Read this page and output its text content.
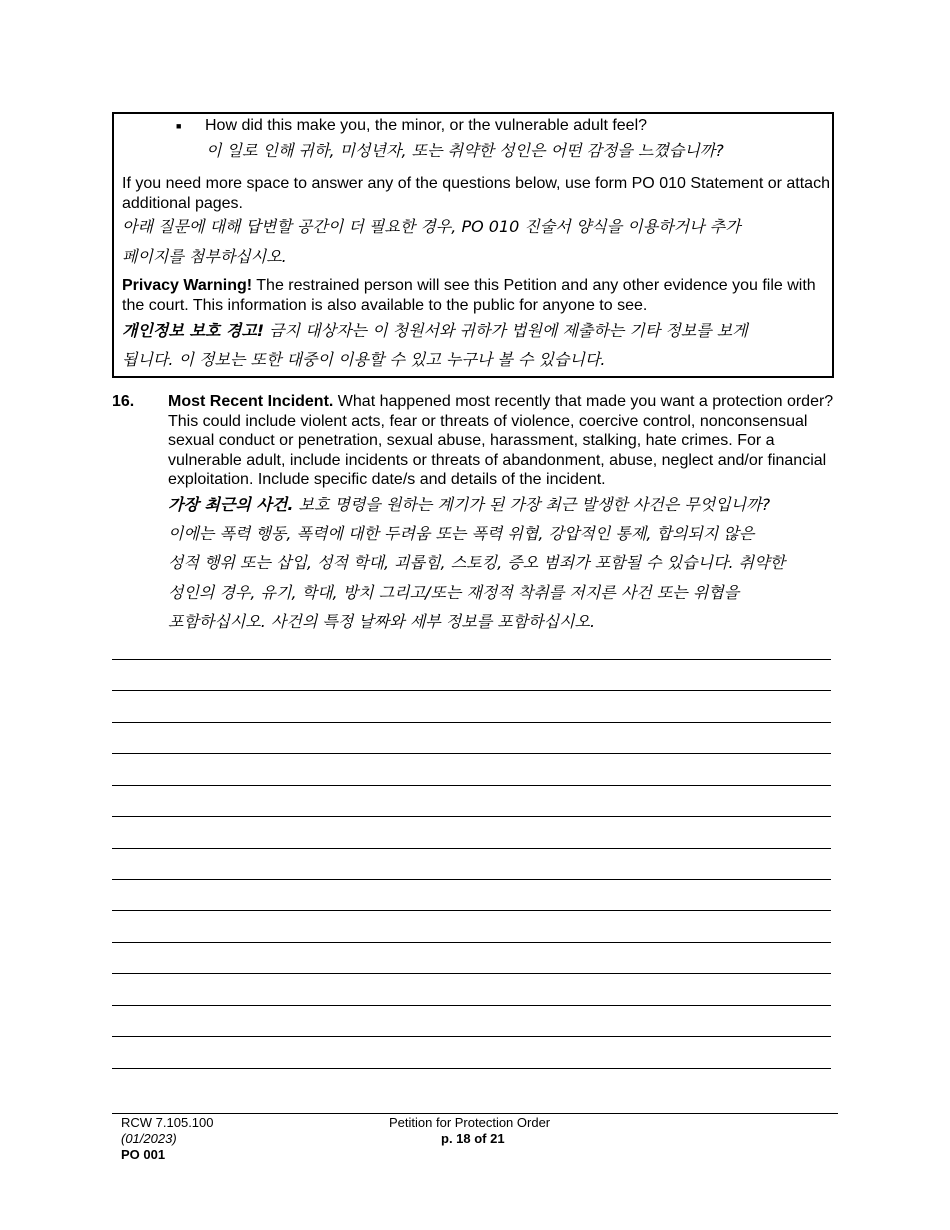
■ How did this make you, the minor, or the vulnerable adult feel?
이 일로 인해 귀하, 미성년자, 또는 취약한 성인은 어떤 감정을 느꼈습니까?
If you need more space to answer any of the questions below, use form PO 010 Statement or attach additional pages.
아래 질문에 대해 답변할 공간이 더 필요한 경우, PO 010 진술서 양식을 이용하거나 추가
페이지를 첨부하십시오.
Privacy Warning! The restrained person will see this Petition and any other evidence you file with the court. This information is also available to the public for anyone to see.
개인정보 보호 경고! 금지 대상자는 이 청원서와 귀하가 법원에 제출하는 기타 정보를 보게
됩니다. 이 정보는 또한 대중이 이용할 수 있고 누구나 볼 수 있습니다.
16. Most Recent Incident. What happened most recently that made you want a protection order? This could include violent acts, fear or threats of violence, coercive control, nonconsensual sexual conduct or penetration, sexual abuse, harassment, stalking, hate crimes. For a vulnerable adult, include incidents or threats of abandonment, abuse, neglect and/or financial exploitation. Include specific date/s and details of the incident.
가장 최근의 사건. 보호 명령을 원하는 계기가 된 가장 최근 발생한 사건은 무엇입니까?
이에는 폭력 행동, 폭력에 대한 두려움 또는 폭력 위협, 강압적인 통제, 합의되지 않은
성적 행위 또는 삽입, 성적 학대, 괴롭힘, 스토킹, 증오 범죄가 포함될 수 있습니다. 취약한
성인의 경우, 유기, 학대, 방치 그리고/또는 재정적 착취를 저지른 사건 또는 위협을
포함하십시오. 사건의 특정 날짜와 세부 정보를 포함하십시오.
RCW 7.105.100
(01/2023)
PO 001
Petition for Protection Order
p. 18 of 21
